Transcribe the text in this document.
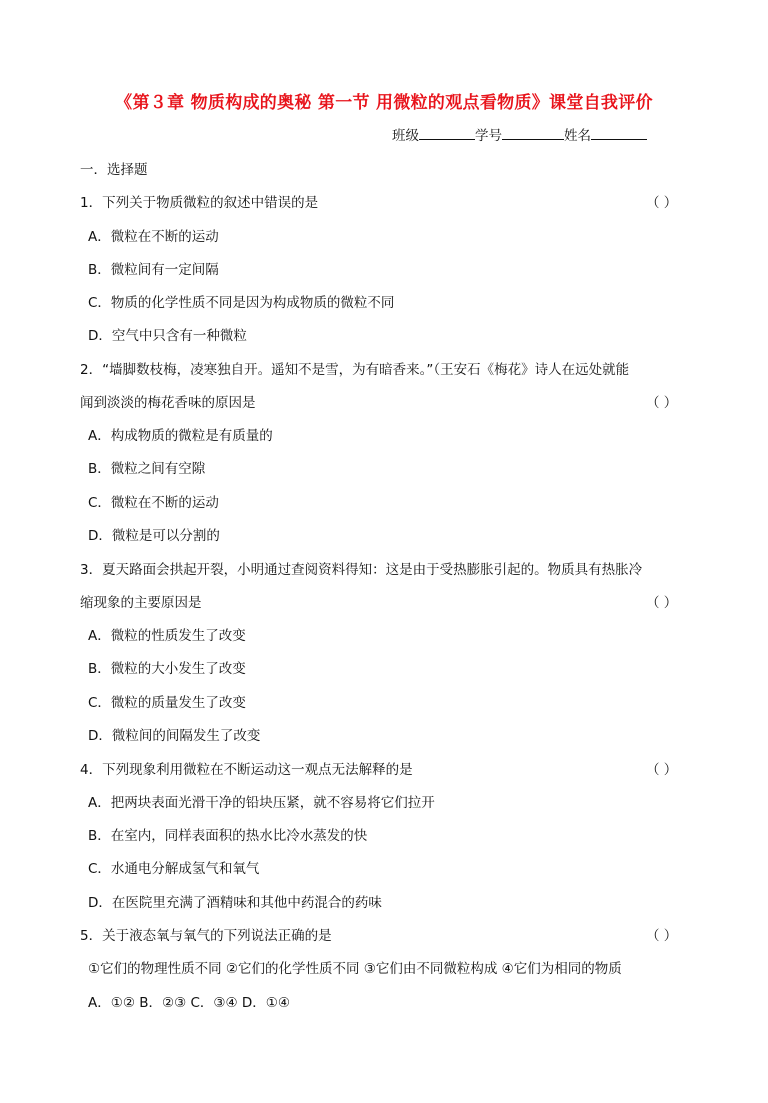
《第３章 物质构成的奥秘 第一节 用微粒的观点看物质》课堂自我评价
班级	学号	姓名
一．选择题
1．下列关于物质微粒的叙述中错误的是	（ ）
A．微粒在不断的运动
B．微粒间有一定间隔
C．物质的化学性质不同是因为构成物质的微粒不同
D．空气中只含有一种微粒
2．“墙脚数枝梅，凌寒独自开。遥知不是雪，为有暗香来。”（王安石《梅花》诗人在远处就能
闻到淡淡的梅花香味的原因是	（ ）
A．构成物质的微粒是有质量的
B．微粒之间有空隙
C．微粒在不断的运动
D．微粒是可以分割的
3．夏天路面会拱起开裂，小明通过查阅资料得知：这是由于受热膨胀引起的。物质具有热胀冷
缩现象的主要原因是	（ ）
A．微粒的性质发生了改变
B．微粒的大小发生了改变
C．微粒的质量发生了改变
D．微粒间的间隔发生了改变
4．下列现象利用微粒在不断运动这一观点无法解释的是	（ ）
A．把两块表面光滑干净的铅块压紧，就不容易将它们拉开
B．在室内，同样表面积的热水比冷水蒸发的快
C．水通电分解成氢气和氧气
D．在医院里充满了酒精味和其他中药混合的药味
5．关于液态氧与氧气的下列说法正确的是	（ ）
①它们的物理性质不同 ②它们的化学性质不同 ③它们由不同微粒构成 ④它们为相同的物质
A．①② B．②③ C．③④ D．①④
